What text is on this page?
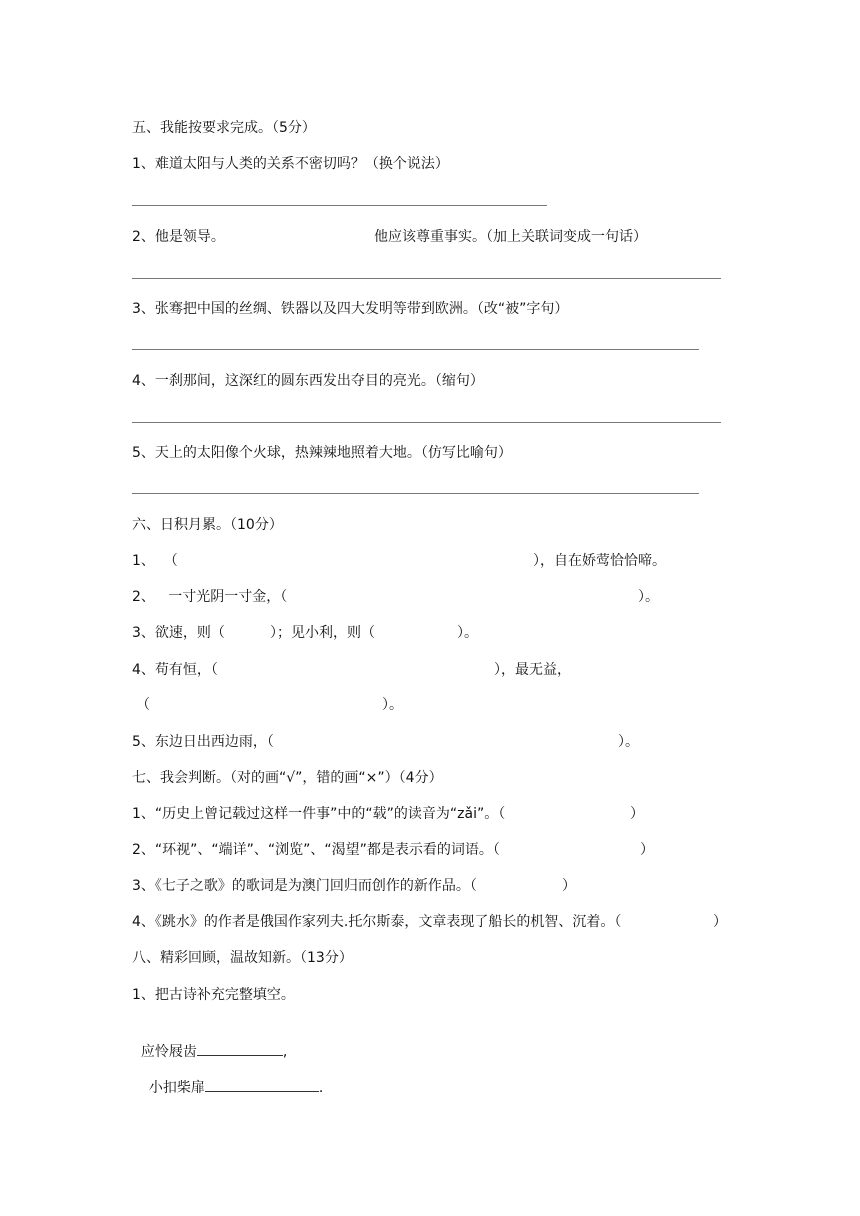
五、我能按要求完成。（5分）
1、难道太阳与人类的关系不密切吗？（换个说法）
2、他是领导。	他应该尊重事实。（加上关联词变成一句话）
3、张骞把中国的丝绸、铁器以及四大发明等带到欧洲。（改“被”字句）
4、一刹那间，这深红的圆东西发出夺目的亮光。（缩句）
5、天上的太阳像个火球，热辣辣地照着大地。（仿写比喻句）
六、日积月累。（10分）
1、  （	），自在娇莺恰恰啼。
2、   一寸光阴一寸金，（	）。
3、欲速，则（	）；见小利，则（	）。
4、苟有恒，（	），最无益，
（	）。
5、东边日出西边雨，（	）。
七、我会判断。（对的画“√”，错的画“×”）（4分）
1、“历史上曾记载过这样一件事”中的“载”的读音为“zǎi”。（	）
2、“环视”、“端详”、“浏览”、“渴望”都是表示看的词语。（	）
3、《七子之歌》的歌词是为澳门回归而创作的新作品。（	）
4、《跳水》的作者是俄国作家列夫.托尔斯泰，文章表现了船长的机智、沉着。（	）
八、精彩回顾，温故知新。（13分）
1、把古诗补充完整填空。

应怜屐齿	,

小扣柴扉	.
